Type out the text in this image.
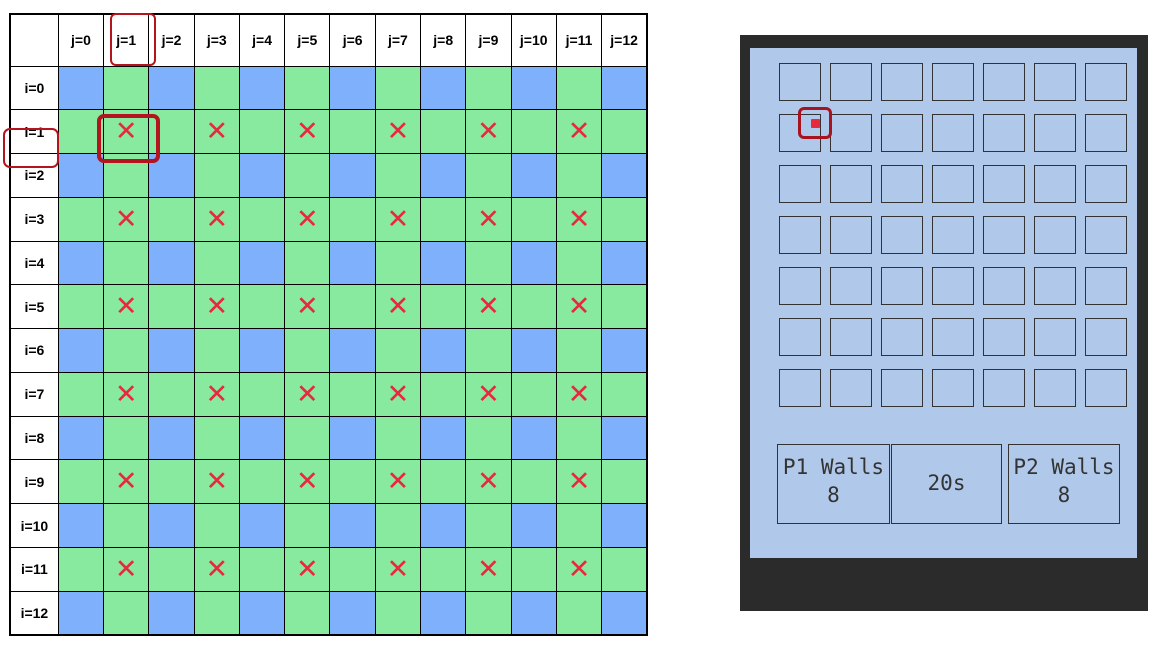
	j=0	j=1	j=2	j=3	j=4	j=5	j=6	j=7	j=8	j=9	j=10	j=11	j=12
i=0													
i=1		✕		✕		✕		✕		✕		✕	
i=2													
i=3		✕		✕		✕		✕		✕		✕	
i=4													
i=5		✕		✕		✕		✕		✕		✕	
i=6													
i=7		✕		✕		✕		✕		✕		✕	
i=8													
i=9		✕		✕		✕		✕		✕		✕	
i=10													
i=11		✕		✕		✕		✕		✕		✕	
i=12													
P1 Walls
8	20s
P2 Walls
8
